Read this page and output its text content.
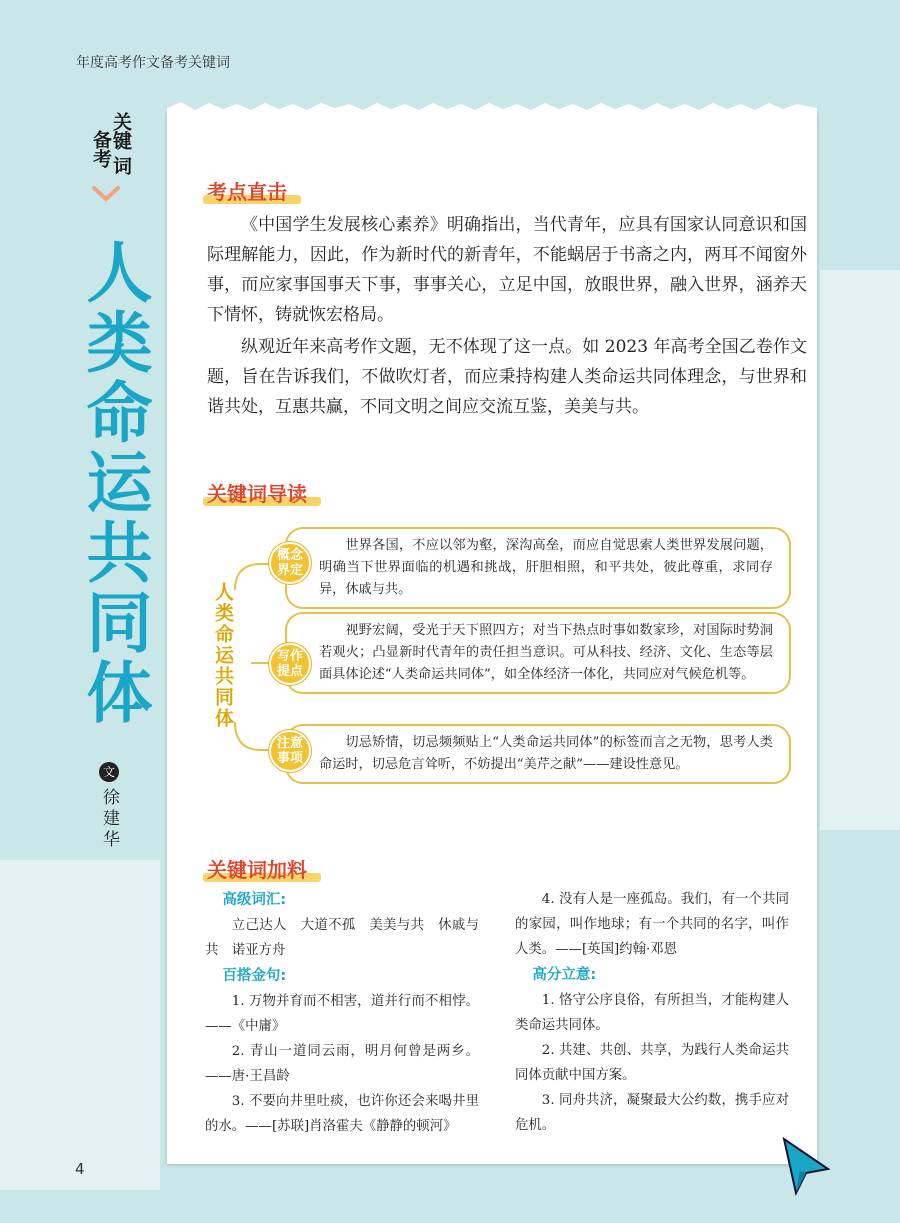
年度高考作文备考关键词
关键
备考
词
人类命运共同体
文
徐建华
考点直击

《中国学生发展核心素养》明确指出，当代青年，应具有国家认同意识和国际理解能力，因此，作为新时代的新青年，不能蜗居于书斋之内，两耳不闻窗外事，而应家事国事天下事，事事关心，立足中国，放眼世界，融入世界，涵养天下情怀，铸就恢宏格局。

纵观近年来高考作文题，无不体现了这一点。如 2023 年高考全国乙卷作文题，旨在告诉我们，不做吹灯者，而应秉持构建人类命运共同体理念，与世界和谐共处，互惠共赢，不同文明之间应交流互鉴，美美与共。

关键词导读
人类命运共同体

世界各国，不应以邻为壑，深沟高垒，而应自觉思索人类世界发展问题，明确当下世界面临的机遇和挑战，肝胆相照，和平共处，彼此尊重，求同存异，休戚与共。

概念界定

视野宏阔，受光于天下照四方；对当下热点时事如数家珍，对国际时势洞若观火；凸显新时代青年的责任担当意识。可从科技、经济、文化、生态等层面具体论述“人类命运共同体”，如全体经济一体化，共同应对气候危机等。

写作提点

切忌矫情，切忌频频贴上“人类命运共同体”的标签而言之无物，思考人类命运时，切忌危言耸听，不妨提出“美芹之献”——建设性意见。

注意事项
关键词加料
高级词汇:

立己达人　大道不孤　美美与共　休戚与共　诺亚方舟

百搭金句:

1. 万物并育而不相害，道并行而不相悖。——《中庸》

2. 青山一道同云雨，明月何曾是两乡。——唐·王昌龄

3. 不要向井里吐痰，也许你还会来喝井里的水。——[苏联]肖洛霍夫《静静的顿河》

4. 没有人是一座孤岛。我们，有一个共同的家园，叫作地球；有一个共同的名字，叫作人类。——[英国]约翰·邓恩

高分立意:

1. 恪守公序良俗，有所担当，才能构建人类命运共同体。

2. 共建、共创、共享，为践行人类命运共同体贡献中国方案。

3. 同舟共济，凝聚最大公约数，携手应对危机。

4
